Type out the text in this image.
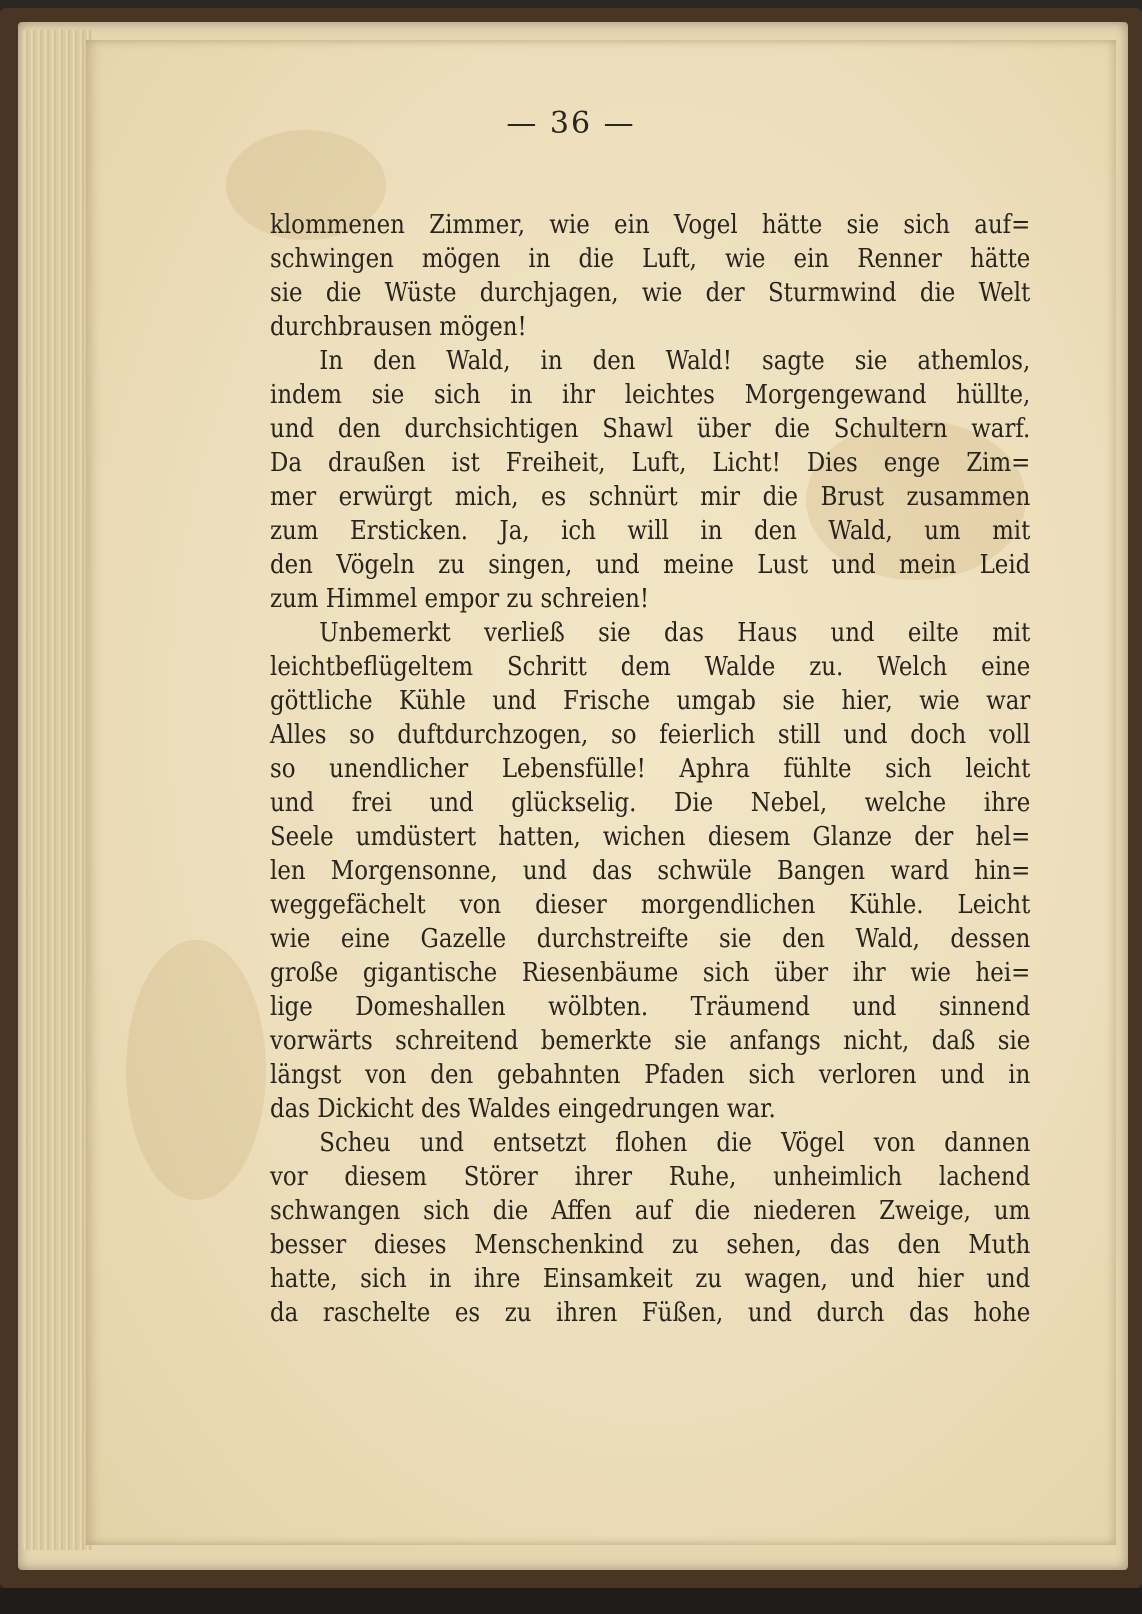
— 36 —
klommenen Zimmer, wie ein Vogel hätte sie sich auf=
schwingen mögen in die Luft, wie ein Renner hätte
sie die Wüste durchjagen, wie der Sturmwind die Welt
durchbrausen mögen!
In den Wald, in den Wald! sagte sie athemlos,
indem sie sich in ihr leichtes Morgengewand hüllte,
und den durchsichtigen Shawl über die Schultern warf.
Da draußen ist Freiheit, Luft, Licht! Dies enge Zim=
mer erwürgt mich, es schnürt mir die Brust zusammen
zum Ersticken. Ja, ich will in den Wald, um mit
den Vögeln zu singen, und meine Lust und mein Leid
zum Himmel empor zu schreien!
Unbemerkt verließ sie das Haus und eilte mit
leichtbeflügeltem Schritt dem Walde zu. Welch eine
göttliche Kühle und Frische umgab sie hier, wie war
Alles so duftdurchzogen, so feierlich still und doch voll
so unendlicher Lebensfülle! Aphra fühlte sich leicht
und frei und glückselig. Die Nebel, welche ihre
Seele umdüstert hatten, wichen diesem Glanze der hel=
len Morgensonne, und das schwüle Bangen ward hin=
weggefächelt von dieser morgendlichen Kühle. Leicht
wie eine Gazelle durchstreifte sie den Wald, dessen
große gigantische Riesenbäume sich über ihr wie hei=
lige Domeshallen wölbten. Träumend und sinnend
vorwärts schreitend bemerkte sie anfangs nicht, daß sie
längst von den gebahnten Pfaden sich verloren und in
das Dickicht des Waldes eingedrungen war.
Scheu und entsetzt flohen die Vögel von dannen
vor diesem Störer ihrer Ruhe, unheimlich lachend
schwangen sich die Affen auf die niederen Zweige, um
besser dieses Menschenkind zu sehen, das den Muth
hatte, sich in ihre Einsamkeit zu wagen, und hier und
da raschelte es zu ihren Füßen, und durch das hohe
